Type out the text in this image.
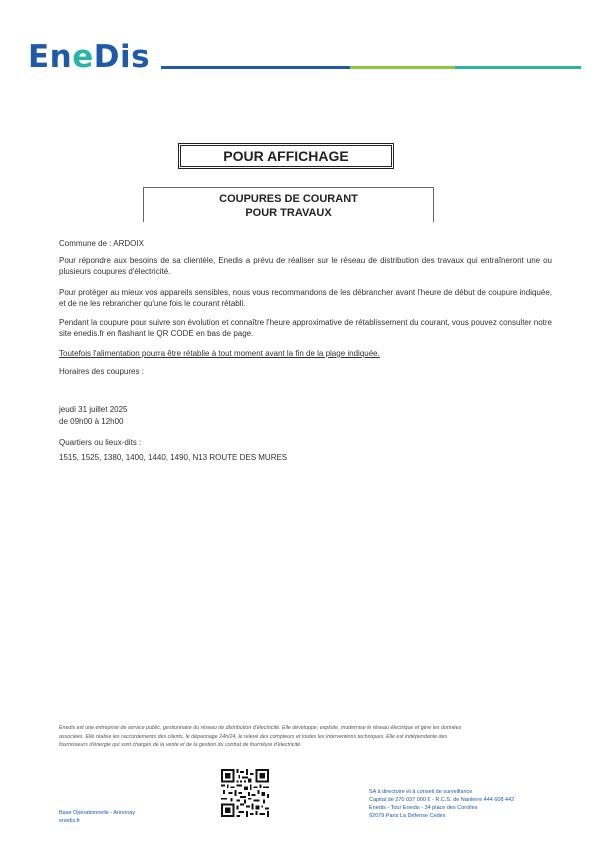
EneDis
POUR AFFICHAGE
COUPURES DE COURANT
POUR TRAVAUX
Commune de : ARDOIX
Pour répondre aux besoins de sa clientèle, Enedis a prévu de réaliser sur le réseau de distribution des travaux qui entraîneront une ou plusieurs coupures d'électricité.
Pour protéger au mieux vos appareils sensibles, nous vous recommandons de les débrancher avant l'heure de début de coupure indiquée, et de ne les rebrancher qu'une fois le courant rétabli.
Pendant la coupure pour suivre son évolution et connaître l'heure approximative de rétablissement du courant, vous pouvez consulter notre site enedis.fr en flashant le QR CODE en bas de page.
Toutefois l'alimentation pourra être rétablie à tout moment avant la fin de la plage indiquée.
Horaires des coupures :
jeudi 31 juillet 2025
de 09h00 à 12h00
Quartiers ou lieux-dits :
1515, 1525, 1380, 1400, 1440, 1490, N13 ROUTE DES MURES
Enedis est une entreprise de service public, gestionnaire du réseau de distribution d'électricité. Elle développe, exploite, modernise le réseau électrique et gère les données
associées. Elle réalise les raccordements des clients, le dépannage 24h/24, le relevé des compteurs et toutes les interventions techniques. Elle est indépendante des
fournisseurs d'énergie qui sont chargés de la vente et de la gestion du contrat de fourniture d'électricité.
Base Opérationnelle - Annonay
enedis.fr
SA à directoire et à conseil de surveillance
Capital de 270 037 000 € - R.C.S. de Nanterre 444 608 442
Enedis - Tour Enedis - 34 place des Corolles
92079 Paris La Défense Cedex
